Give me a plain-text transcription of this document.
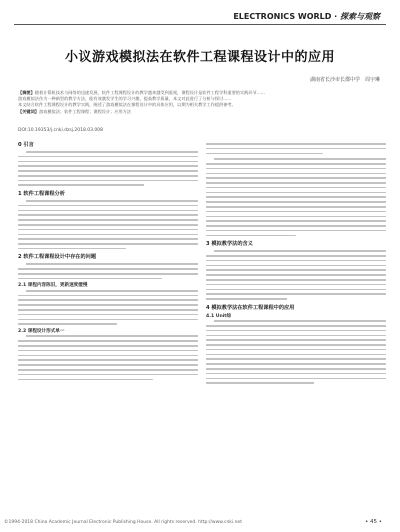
ELECTRONICS WORLD · 探索与观察
小议游戏模拟法在软件工程课程设计中的应用
湖南省长沙市长郡中学　周宇琳
【摘要】随着计算机技术与网络的迅速发展，软件工程课程设计的教学越来越受到重视，课程设计是软件工程学科重要的实践环节……
游戏模拟法作为一种新型的教学方法，能有效激发学生的学习兴趣，提高教学质量，本文对此进行了分析与探讨……
本文结合软件工程课程设计的教学实践，阐述了游戏模拟法在课程设计中的具体应用，以期为相关教学工作提供参考。
【关键词】游戏模拟法；软件工程课程；课程设计；应用方法
DOI:10.19353/j.cnki.dzsj.2018.03.008
0 引言
1 软件工程课程分析
2 软件工程课程设计中存在的问题
2.1 课程内容陈旧，更新速度缓慢
2.2 课程设计形式单一
3 模拟教学法的含义
4 模拟教学法在软件工程课程中的应用
4.1 Unit综
©1994-2018 China Academic Journal Electronic Publishing House. All rights reserved. http://www.cnki.net	• 45 •
